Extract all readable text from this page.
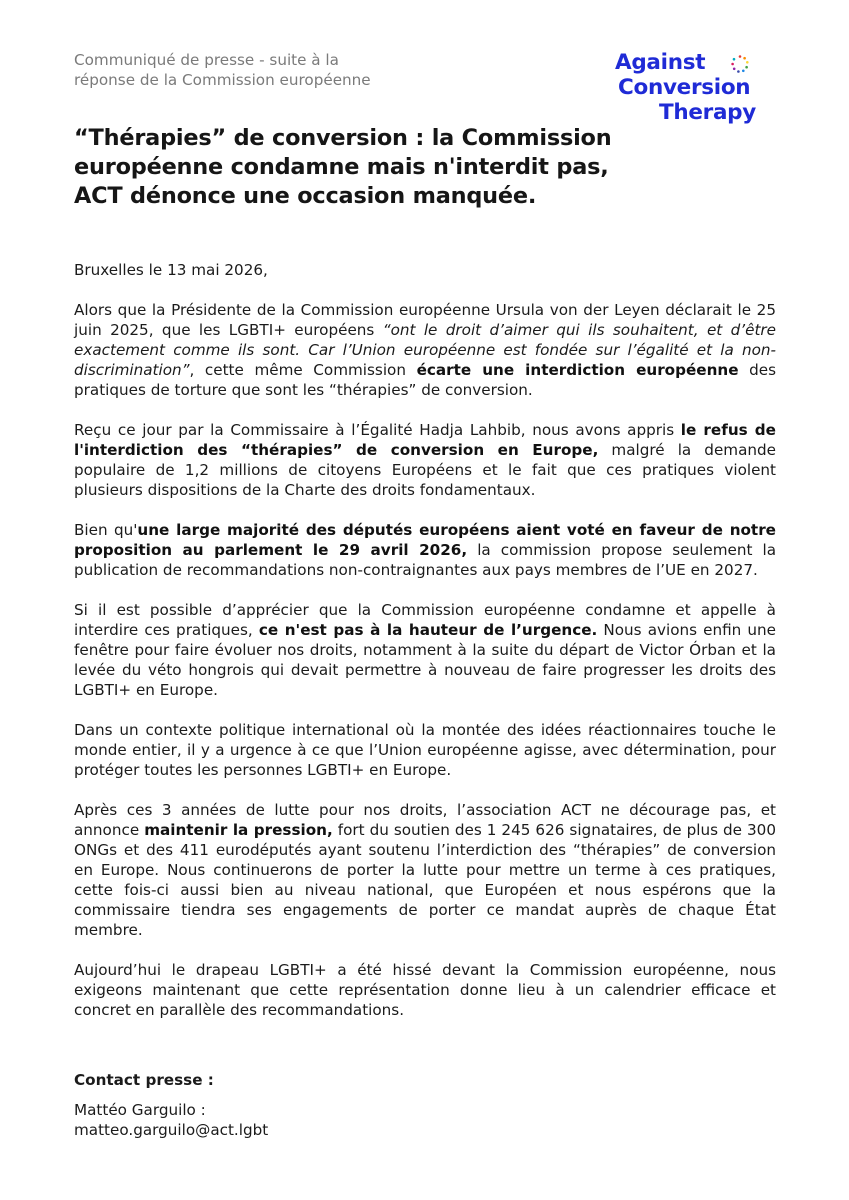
Communiqué de presse - suite à la
réponse de la Commission européenne
Against
Conversion
Therapy
“Thérapies” de conversion : la Commission européenne condamne mais n'interdit pas, ACT dénonce une occasion manquée.

Bruxelles le 13 mai 2026,

Alors que la Présidente de la Commission européenne Ursula von der Leyen déclarait le 25 juin 2025, que les LGBTI+ européens “ont le droit d’aimer qui ils souhaitent, et d’être exactement comme ils sont. Car l’Union européenne est fondée sur l’égalité et la non-discrimination”, cette même Commission écarte une interdiction européenne des pratiques de torture que sont les “thérapies” de conversion.

Reçu ce jour par la Commissaire à l’Égalité Hadja Lahbib, nous avons appris le refus de l'interdiction des “thérapies” de conversion en Europe, malgré la demande populaire de 1,2 millions de citoyens Européens et le fait que ces pratiques violent plusieurs dispositions de la Charte des droits fondamentaux.

Bien qu'une large majorité des députés européens aient voté en faveur de notre proposition au parlement le 29 avril 2026, la commission propose seulement la publication de recommandations non-contraignantes aux pays membres de l’UE en 2027.

Si il est possible d’apprécier que la Commission européenne condamne et appelle à interdire ces pratiques, ce n'est pas à la hauteur de l’urgence. Nous avions enfin une fenêtre pour faire évoluer nos droits, notamment à la suite du départ de Victor Órban et la levée du véto hongrois qui devait permettre à nouveau de faire progresser les droits des LGBTI+ en Europe.

Dans un contexte politique international où la montée des idées réactionnaires touche le monde entier, il y a urgence à ce que l’Union européenne agisse, avec détermination, pour protéger toutes les personnes LGBTI+ en Europe.

Après ces 3 années de lutte pour nos droits, l’association ACT ne décourage pas, et annonce maintenir la pression, fort du soutien des 1 245 626 signataires, de plus de 300 ONGs et des 411 eurodéputés ayant soutenu l’interdiction des “thérapies” de conversion en Europe. Nous continuerons de porter la lutte pour mettre un terme à ces pratiques, cette fois-ci aussi bien au niveau national, que Européen et nous espérons que la commissaire tiendra ses engagements de porter ce mandat auprès de chaque État membre.

Aujourd’hui le drapeau LGBTI+ a été hissé devant la Commission européenne, nous exigeons maintenant que cette représentation donne lieu à un calendrier efficace et concret en parallèle des recommandations.

Contact presse :
Mattéo Garguilo :
matteo.garguilo@act.lgbt
